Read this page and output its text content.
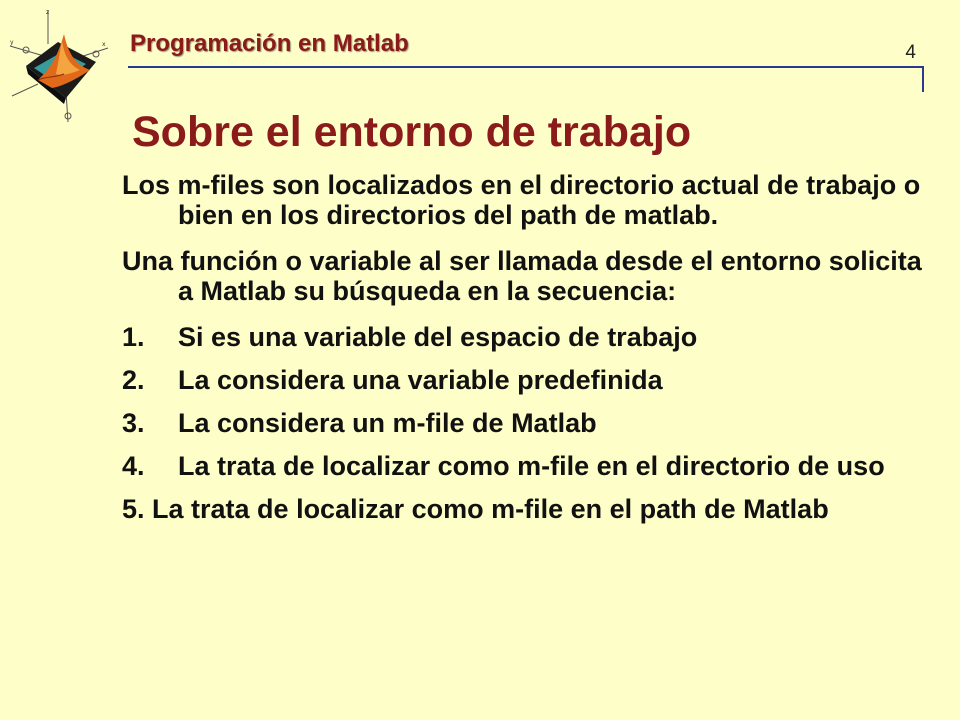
z
y	x Programación en Matlab	4
Sobre el entorno de trabajo
Los m-files son localizados en el directorio actual de trabajo o bien en los directorios del path de matlab.
Una función o variable al ser llamada desde el entorno solicita a Matlab su búsqueda en la secuencia:
1.	Si es una variable del espacio de trabajo
2.	La considera una variable predefinida
3.	La considera un m-file de Matlab
4.	La trata de localizar como m-file en el directorio de uso
5. La trata de localizar como m-file en el path de Matlab
